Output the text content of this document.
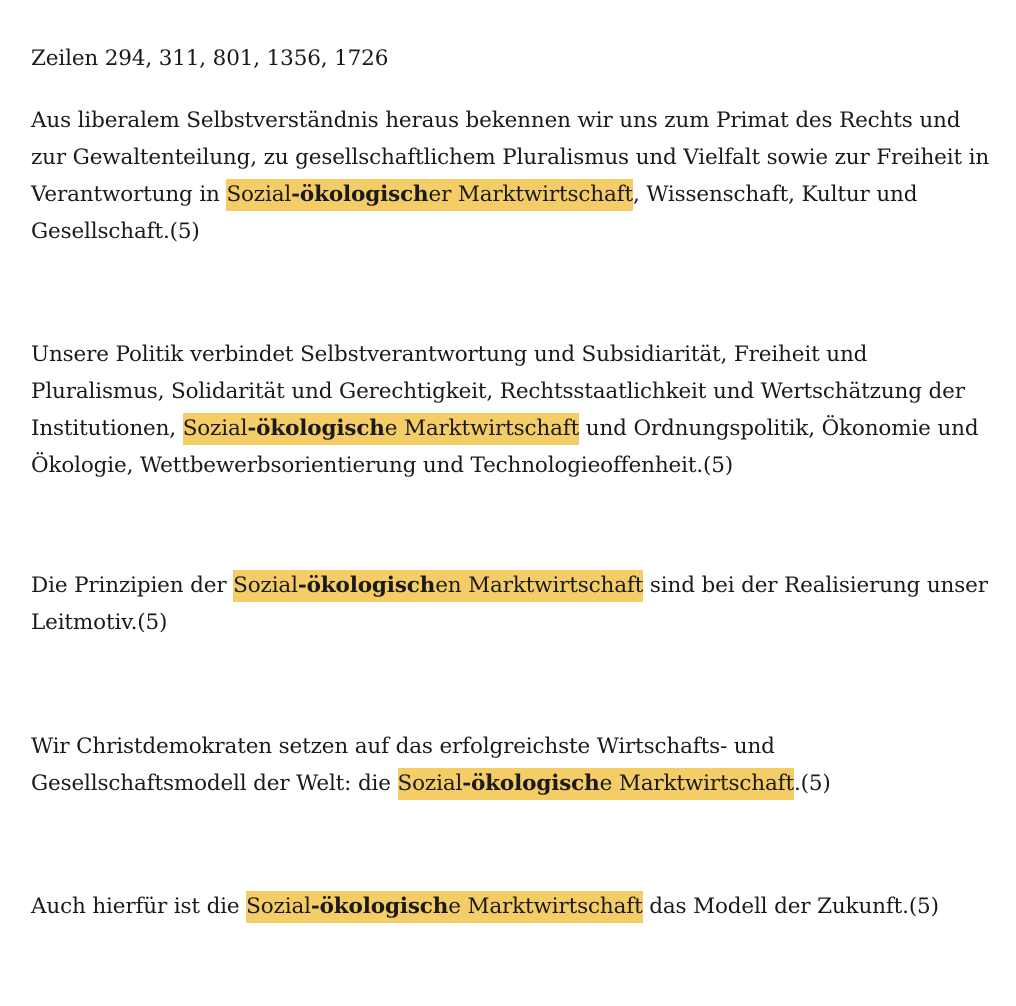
Zeilen 294, 311, 801, 1356, 1726

Aus liberalem Selbstverständnis heraus bekennen wir uns zum Primat des Rechts und zur Gewaltenteilung, zu gesellschaftlichem Pluralismus und Vielfalt sowie zur Freiheit in Verantwortung in Sozial-ökologischer Marktwirtschaft, Wissenschaft, Kultur und Gesellschaft.(5)

Unsere Politik verbindet Selbstverantwortung und Subsidiarität, Freiheit und Pluralismus, Solidarität und Gerechtigkeit, Rechtsstaatlichkeit und Wertschätzung der Institutionen, Sozial-ökologische Marktwirtschaft und Ordnungspolitik, Ökonomie und Ökologie, Wettbewerbsorientierung und Technologieoffenheit.(5)

Die Prinzipien der Sozial-ökologischen Marktwirtschaft sind bei der Realisierung unser Leitmotiv.(5)

Wir Christdemokraten setzen auf das erfolgreichste Wirtschafts- und Gesellschaftsmodell der Welt: die Sozial-ökologische Marktwirtschaft.(5)

Auch hierfür ist die Sozial-ökologische Marktwirtschaft das Modell der Zukunft.(5)
